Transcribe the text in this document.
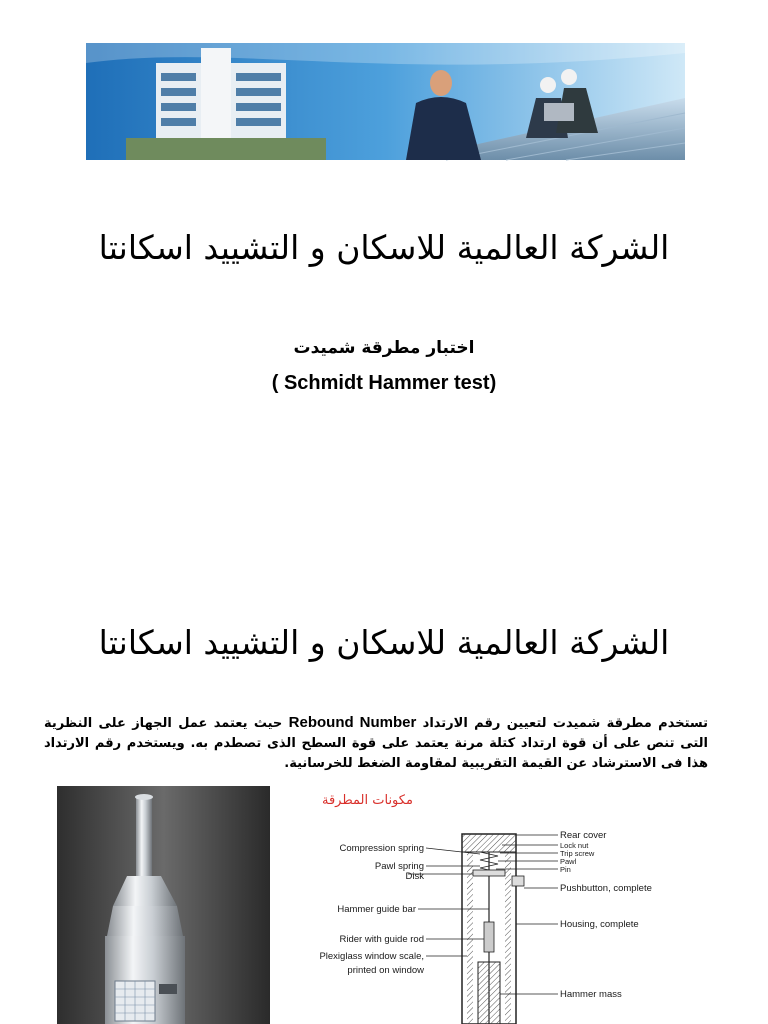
الشركة العالمية للاسكان و التشييد اسكانتا
اختبار مطرقة شميدت
( Schmidt Hammer test)
الشركة العالمية للاسكان و التشييد اسكانتا
تستخدم مطرقة شميدت لتعيين رقم الارتداد Rebound Number حيث يعتمد عمل الجهاز على النظرية التى تنص على أن قوة ارتداد كتلة مرنة يعتمد على قوة السطح الذى تصطدم به. ويستخدم رقم الارتداد هذا فى الاسترشاد عن القيمة التقريبية لمقاومة الضغط للخرسانية.
مكونات المطرقة
Compression spring
Pawl spring
Disk
Hammer guide bar
Rider with guide rod
Plexiglass window scale,
printed on window
Rear cover
Lock nut
Trip screw
Pawl
Pin
Pushbutton, complete
Housing, complete
Hammer mass
